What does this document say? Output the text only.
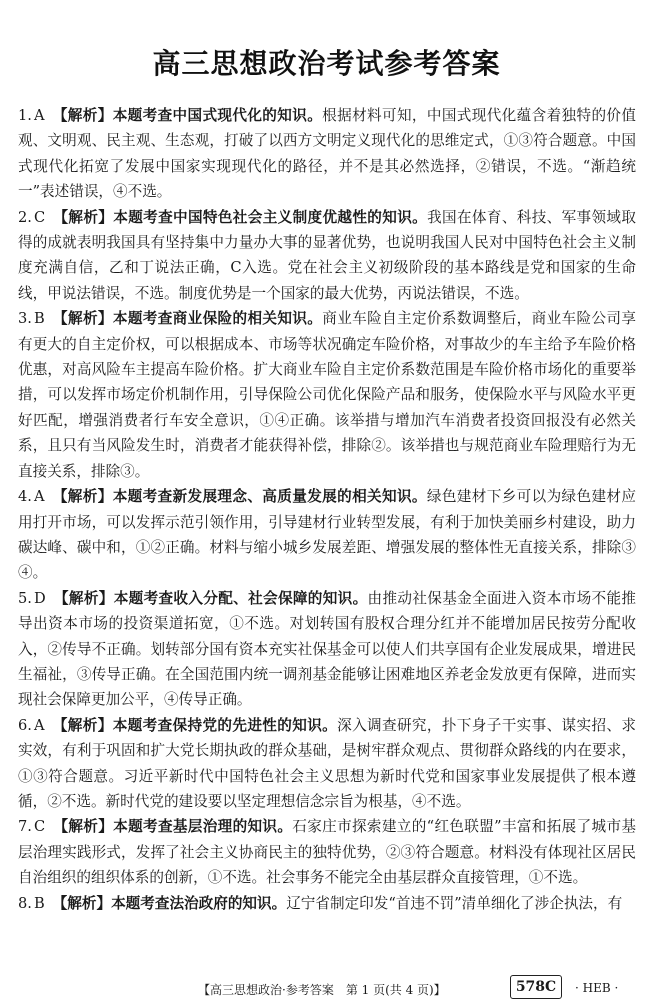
高三思想政治考试参考答案

1. A 【解析】本题考查中国式现代化的知识。根据材料可知，中国式现代化蕴含着独特的价值观、文明观、民主观、生态观，打破了以西方文明定义现代化的思维定式，①③符合题意。中国式现代化拓宽了发展中国家实现现代化的路径，并不是其必然选择，②错误，不选。“渐趋统一”表述错误，④不选。

2. C 【解析】本题考查中国特色社会主义制度优越性的知识。我国在体育、科技、军事领域取得的成就表明我国具有坚持集中力量办大事的显著优势，也说明我国人民对中国特色社会主义制度充满自信，乙和丁说法正确，C入选。党在社会主义初级阶段的基本路线是党和国家的生命线，甲说法错误，不选。制度优势是一个国家的最大优势，丙说法错误，不选。

3. B 【解析】本题考查商业保险的相关知识。商业车险自主定价系数调整后，商业车险公司享有更大的自主定价权，可以根据成本、市场等状况确定车险价格，对事故少的车主给予车险价格优惠，对高风险车主提高车险价格。扩大商业车险自主定价系数范围是车险价格市场化的重要举措，可以发挥市场定价机制作用，引导保险公司优化保险产品和服务，使保险水平与风险水平更好匹配，增强消费者行车安全意识，①④正确。该举措与增加汽车消费者投资回报没有必然关系，且只有当风险发生时，消费者才能获得补偿，排除②。该举措也与规范商业车险理赔行为无直接关系，排除③。

4. A 【解析】本题考查新发展理念、高质量发展的相关知识。绿色建材下乡可以为绿色建材应用打开市场，可以发挥示范引领作用，引导建材行业转型发展，有利于加快美丽乡村建设，助力碳达峰、碳中和，①②正确。材料与缩小城乡发展差距、增强发展的整体性无直接关系，排除③④。

5. D 【解析】本题考查收入分配、社会保障的知识。由推动社保基金全面进入资本市场不能推导出资本市场的投资渠道拓宽，①不选。对划转国有股权合理分红并不能增加居民按劳分配收入，②传导不正确。划转部分国有资本充实社保基金可以使人们共享国有企业发展成果，增进民生福祉，③传导正确。在全国范围内统一调剂基金能够让困难地区养老金发放更有保障，进而实现社会保障更加公平，④传导正确。

6. A 【解析】本题考查保持党的先进性的知识。深入调查研究，扑下身子干实事、谋实招、求实效，有利于巩固和扩大党长期执政的群众基础，是树牢群众观点、贯彻群众路线的内在要求，①③符合题意。习近平新时代中国特色社会主义思想为新时代党和国家事业发展提供了根本遵循，②不选。新时代党的建设要以坚定理想信念宗旨为根基，④不选。

7. C 【解析】本题考查基层治理的知识。石家庄市探索建立的“红色联盟”丰富和拓展了城市基层治理实践形式，发挥了社会主义协商民主的独特优势，②③符合题意。材料没有体现社区居民自治组织的组织体系的创新，①不选。社会事务不能完全由基层群众直接管理，①不选。

8. B 【解析】本题考查法治政府的知识。辽宁省制定印发“首违不罚”清单细化了涉企执法，有

【高三思想政治·参考答案　第 1 页(共 4 页)】	578C	· HEB ·
